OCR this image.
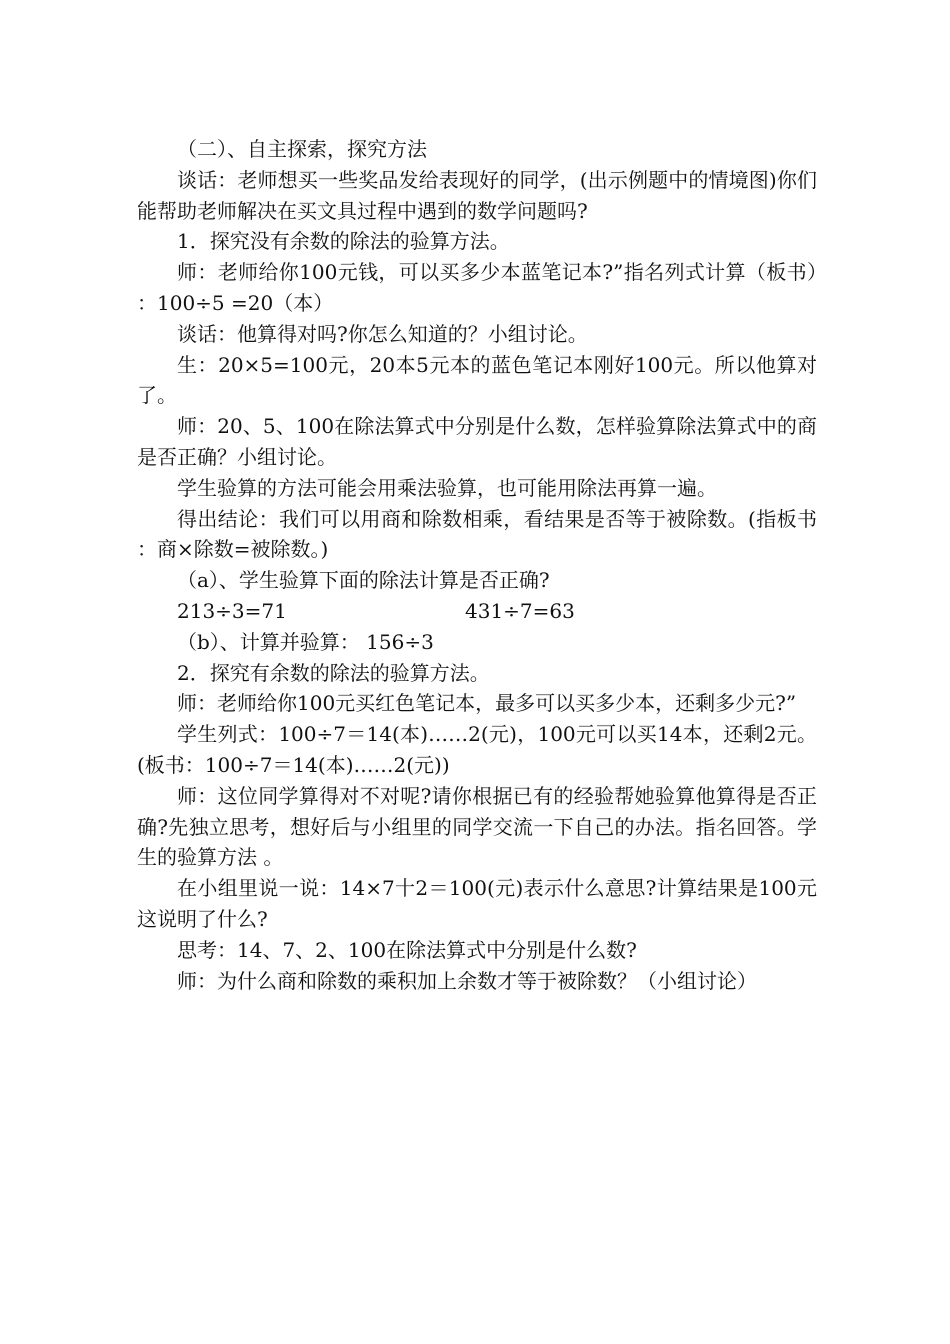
（二）、自主探索，探究方法

谈话：老师想买一些奖品发给表现好的同学，(出示例题中的情境图)你们能帮助老师解决在买文具过程中遇到的数学问题吗?

1．探究没有余数的除法的验算方法。

师：老师给你100元钱，可以买多少本蓝笔记本?”指名列式计算（板书）：100÷5 =20（本）

谈话：他算得对吗?你怎么知道的？小组讨论。

生：20×5=100元，20本5元本的蓝色笔记本刚好100元。所以他算对了。

师：20、5、100在除法算式中分别是什么数，怎样验算除法算式中的商是否正确？小组讨论。

学生验算的方法可能会用乘法验算，也可能用除法再算一遍。

得出结论：我们可以用商和除数相乘，看结果是否等于被除数。(指板书：商×除数=被除数。)

（a）、学生验算下面的除法计算是否正确?

213÷3=71	431÷7=63

（b）、计算并验算： 156÷3

2．探究有余数的除法的验算方法。

师：老师给你100元买红色笔记本，最多可以买多少本，还剩多少元?”

学生列式：100÷7＝14(本)……2(元)，100元可以买14本，还剩2元。(板书：100÷7＝14(本)……2(元))

师：这位同学算得对不对呢?请你根据已有的经验帮她验算他算得是否正确?先独立思考，想好后与小组里的同学交流一下自己的办法。指名回答。学生的验算方法 。

在小组里说一说：14×7十2＝100(元)表示什么意思?计算结果是100元这说明了什么?

思考：14、7、2、100在除法算式中分别是什么数?

师：为什么商和除数的乘积加上余数才等于被除数？（小组讨论）
